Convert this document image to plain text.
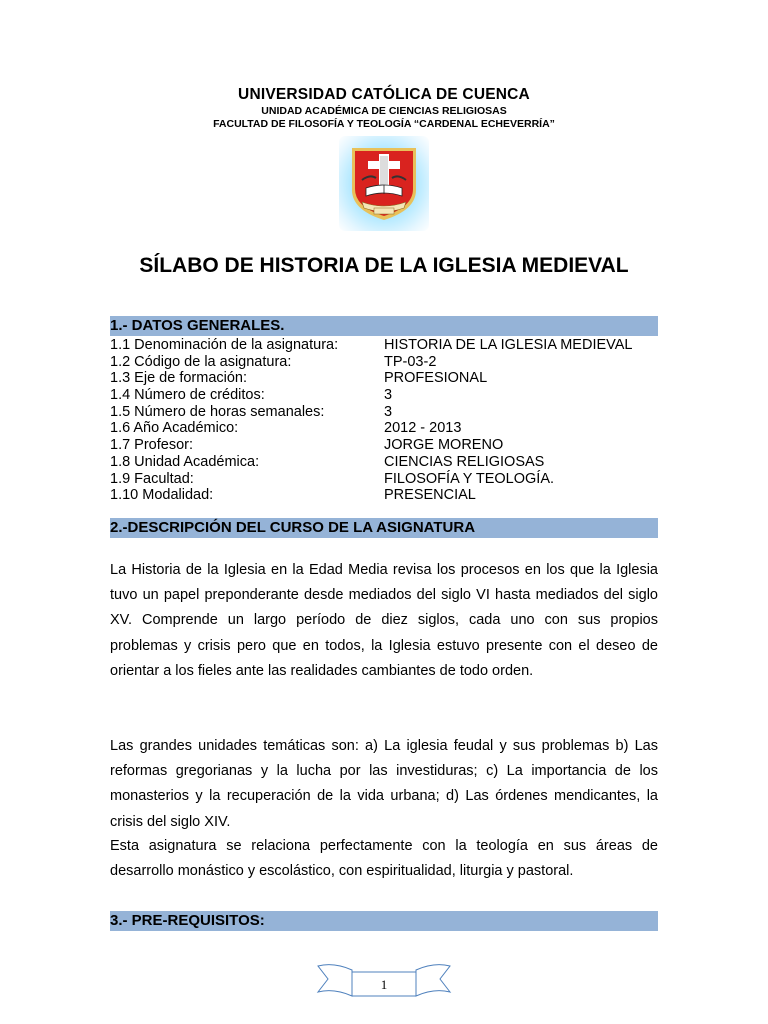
UNIVERSIDAD CATÓLICA DE CUENCA
UNIDAD ACADÉMICA DE CIENCIAS RELIGIOSAS
FACULTAD DE FILOSOFÍA Y TEOLOGÍA “CARDENAL ECHEVERRÍA”
SÍLABO DE HISTORIA DE LA IGLESIA MEDIEVAL
1.- DATOS GENERALES.
1.1 Denominación de la asignatura:	HISTORIA DE LA IGLESIA MEDIEVAL
1.2 Código de la asignatura:	TP-03-2
1.3 Eje de formación:	PROFESIONAL
1.4 Número de créditos:	3
1.5 Número de horas semanales:	3
1.6 Año Académico:	2012 - 2013
1.7 Profesor:	JORGE MORENO
1.8 Unidad Académica:	CIENCIAS RELIGIOSAS
1.9 Facultad:	FILOSOFÍA Y TEOLOGÍA.
1.10 Modalidad:	PRESENCIAL
2.-DESCRIPCIÓN DEL CURSO DE LA ASIGNATURA
La Historia de la Iglesia en la Edad Media revisa los procesos en los que la Iglesia tuvo un papel preponderante desde mediados del siglo VI hasta mediados del siglo XV. Comprende un largo período de diez siglos, cada uno con sus propios problemas y crisis pero que en todos, la Iglesia estuvo presente con el deseo de orientar a los fieles ante las realidades cambiantes de todo orden.
Las grandes unidades temáticas son: a) La iglesia feudal y sus problemas b) Las reformas gregorianas y la lucha por las investiduras; c) La importancia de los monasterios y la recuperación de la vida urbana; d) Las órdenes mendicantes, la crisis del siglo XIV.
Esta asignatura se relaciona perfectamente con la teología en sus áreas de desarrollo monástico y escolástico, con espiritualidad, liturgia y pastoral.
3.- PRE-REQUISITOS:
1
